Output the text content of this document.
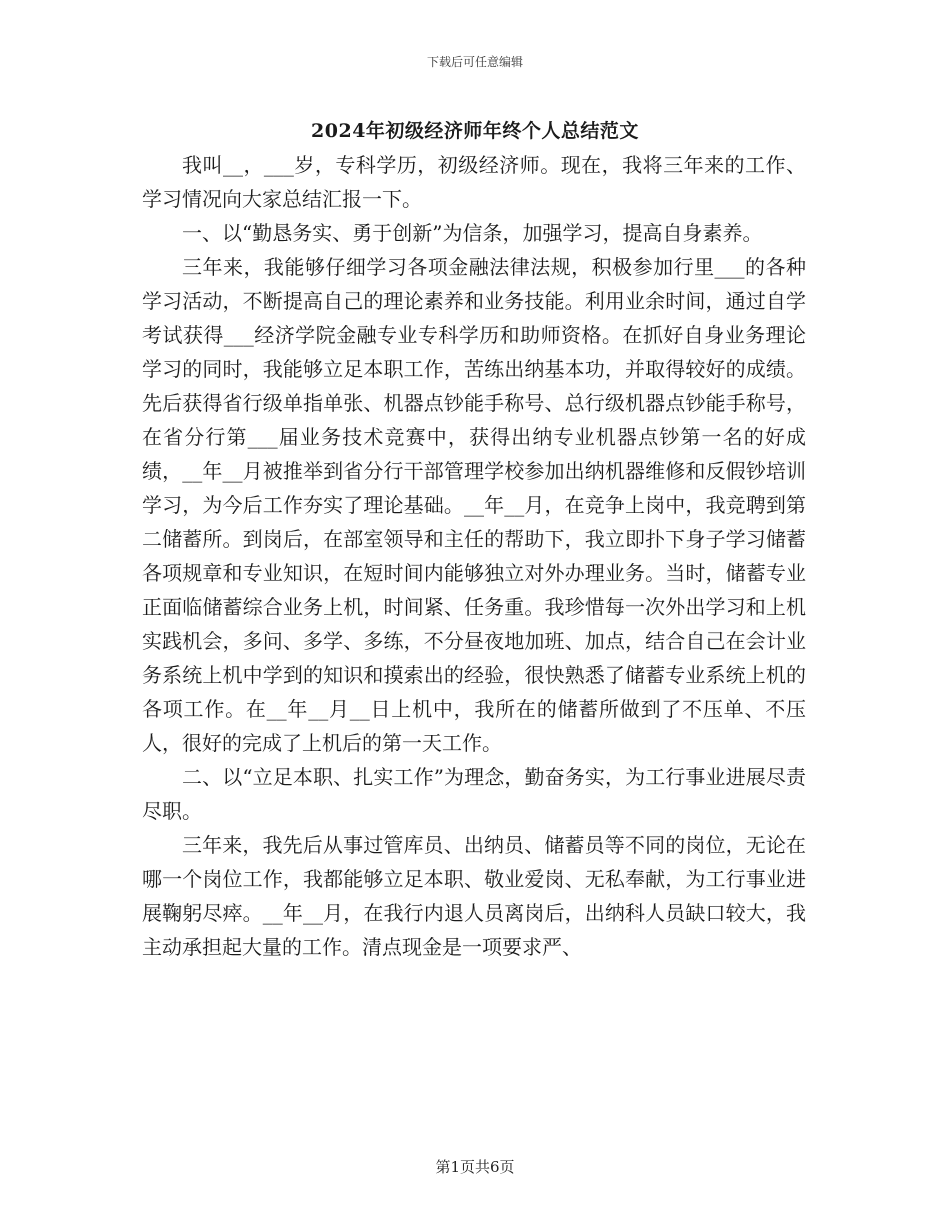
下载后可任意编辑
2024年初级经济师年终个人总结范文

我叫__，___岁，专科学历，初级经济师。现在，我将三年来的工作、学习情况向大家总结汇报一下。

一、以“勤恳务实、勇于创新”为信条，加强学习，提高自身素养。

三年来，我能够仔细学习各项金融法律法规，积极参加行里___的各种学习活动，不断提高自己的理论素养和业务技能。利用业余时间，通过自学考试获得___经济学院金融专业专科学历和助师资格。在抓好自身业务理论学习的同时，我能够立足本职工作，苦练出纳基本功，并取得较好的成绩。先后获得省行级单指单张、机器点钞能手称号、总行级机器点钞能手称号，在省分行第___届业务技术竞赛中，获得出纳专业机器点钞第一名的好成绩，__年__月被推举到省分行干部管理学校参加出纳机器维修和反假钞培训学习，为今后工作夯实了理论基础。__年__月，在竞争上岗中，我竞聘到第二储蓄所。到岗后，在部室领导和主任的帮助下，我立即扑下身子学习储蓄各项规章和专业知识，在短时间内能够独立对外办理业务。当时，储蓄专业正面临储蓄综合业务上机，时间紧、任务重。我珍惜每一次外出学习和上机实践机会，多问、多学、多练，不分昼夜地加班、加点，结合自己在会计业务系统上机中学到的知识和摸索出的经验，很快熟悉了储蓄专业系统上机的各项工作。在__年__月__日上机中，我所在的储蓄所做到了不压单、不压人，很好的完成了上机后的第一天工作。

二、以“立足本职、扎实工作”为理念，勤奋务实，为工行事业进展尽责尽职。

三年来，我先后从事过管库员、出纳员、储蓄员等不同的岗位，无论在哪一个岗位工作，我都能够立足本职、敬业爱岗、无私奉献，为工行事业进展鞠躬尽瘁。__年__月，在我行内退人员离岗后，出纳科人员缺口较大，我主动承担起大量的工作。清点现金是一项要求严、

第1页共6页
